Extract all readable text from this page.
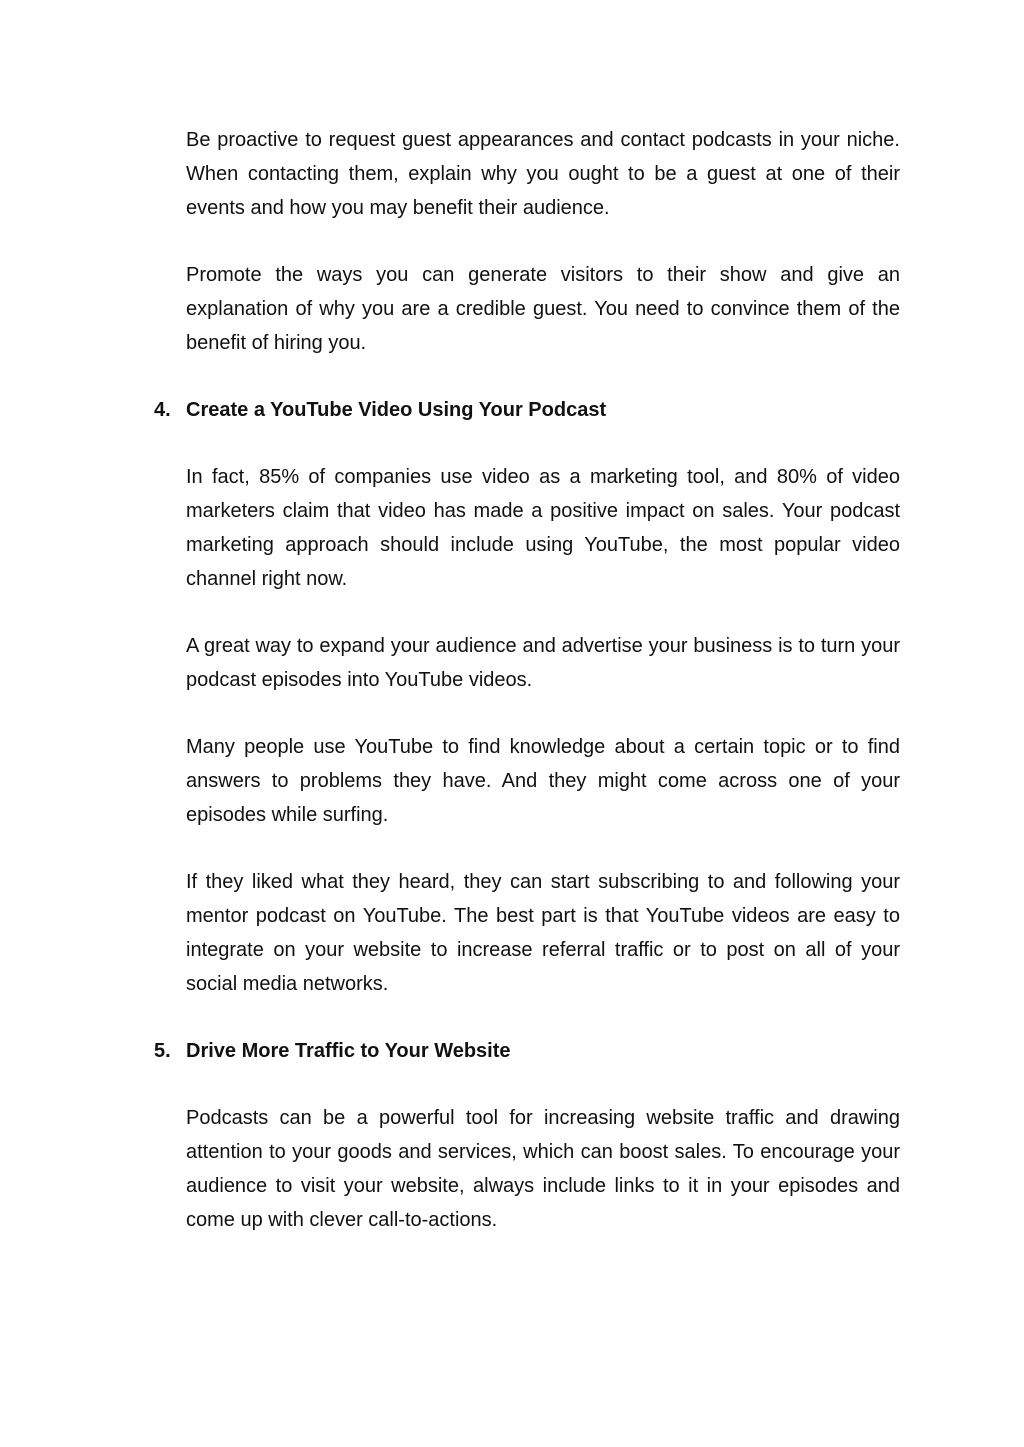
Be proactive to request guest appearances and contact podcasts in your niche. When contacting them, explain why you ought to be a guest at one of their events and how you may benefit their audience.

Promote the ways you can generate visitors to their show and give an explanation of why you are a credible guest. You need to convince them of the benefit of hiring you.

4. Create a YouTube Video Using Your Podcast

In fact, 85% of companies use video as a marketing tool, and 80% of video marketers claim that video has made a positive impact on sales. Your podcast marketing approach should include using YouTube, the most popular video channel right now.

A great way to expand your audience and advertise your business is to turn your podcast episodes into YouTube videos.

Many people use YouTube to find knowledge about a certain topic or to find answers to problems they have. And they might come across one of your episodes while surfing.

If they liked what they heard, they can start subscribing to and following your mentor podcast on YouTube. The best part is that YouTube videos are easy to integrate on your website to increase referral traffic or to post on all of your social media networks.

5. Drive More Traffic to Your Website

Podcasts can be a powerful tool for increasing website traffic and drawing attention to your goods and services, which can boost sales. To encourage your audience to visit your website, always include links to it in your episodes and come up with clever call-to-actions.
